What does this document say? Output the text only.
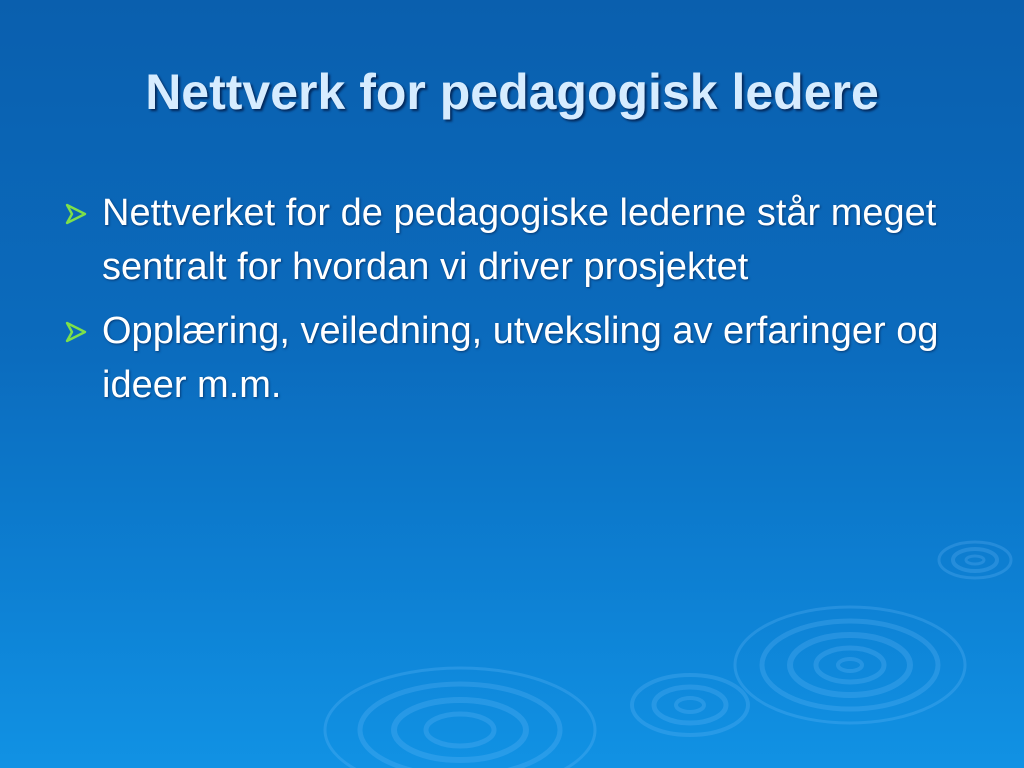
Nettverk for pedagogisk ledere
Nettverket for de pedagogiske lederne står meget sentralt for hvordan vi driver prosjektet
Opplæring, veiledning, utveksling av erfaringer og ideer m.m.
